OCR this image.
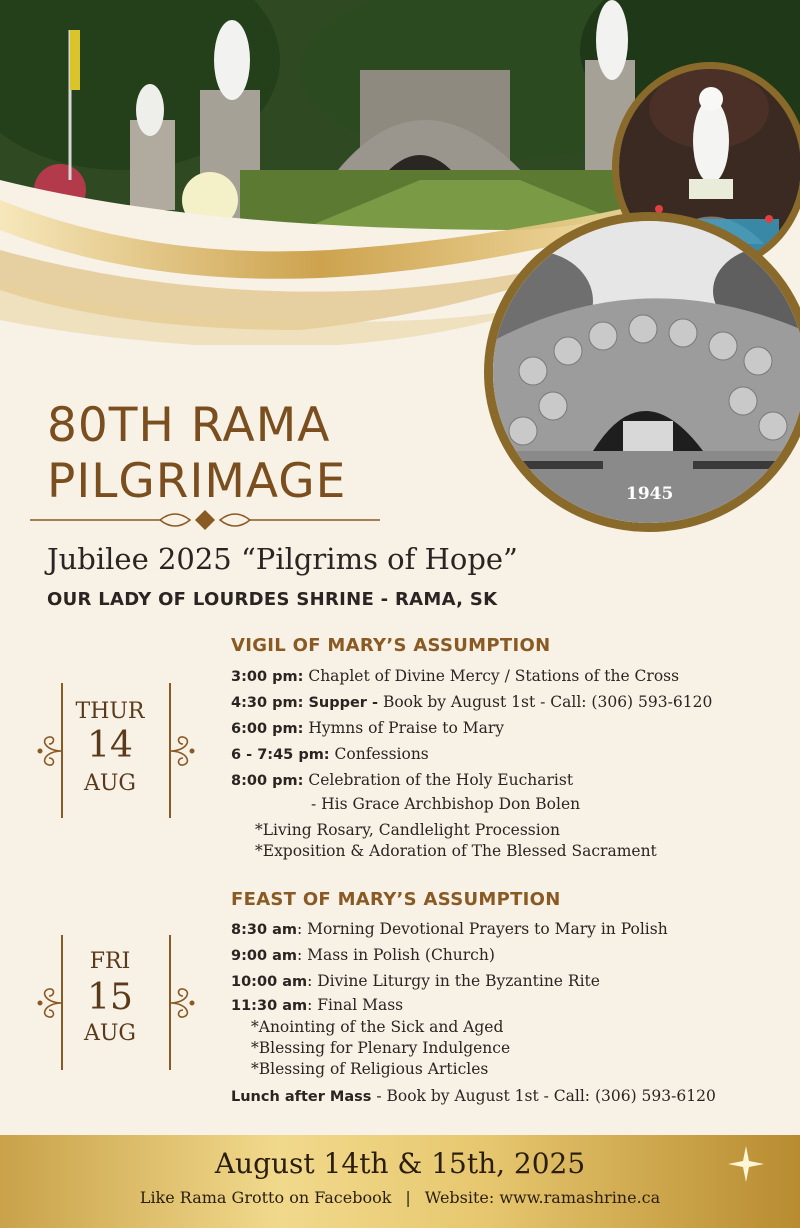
1945
80TH RAMA
PILGRIMAGE
Jubilee 2025 “Pilgrims of Hope”
OUR LADY OF LOURDES SHRINE - RAMA, SK
VIGIL OF MARY’S ASSUMPTION
THUR
14
AUG
3:00 pm: Chaplet of Divine Mercy / Stations of the Cross
4:30 pm: Supper - Book by August 1st - Call: (306) 593-6120
6:00 pm: Hymns of Praise to Mary
6 - 7:45 pm: Confessions
8:00 pm: Celebration of the Holy Eucharist
- His Grace Archbishop Don Bolen
*Living Rosary, Candlelight Procession
*Exposition & Adoration of The Blessed Sacrament
FEAST OF MARY’S ASSUMPTION
FRI
15
AUG
8:30 am: Morning Devotional Prayers to Mary in Polish
9:00 am: Mass in Polish (Church)
10:00 am: Divine Liturgy in the Byzantine Rite
11:30 am: Final Mass
*Anointing of the Sick and Aged
*Blessing for Plenary Indulgence
*Blessing of Religious Articles
Lunch after Mass - Book by August 1st - Call: (306) 593-6120
August 14th & 15th, 2025
Like Rama Grotto on Facebook | Website: www.ramashrine.ca
